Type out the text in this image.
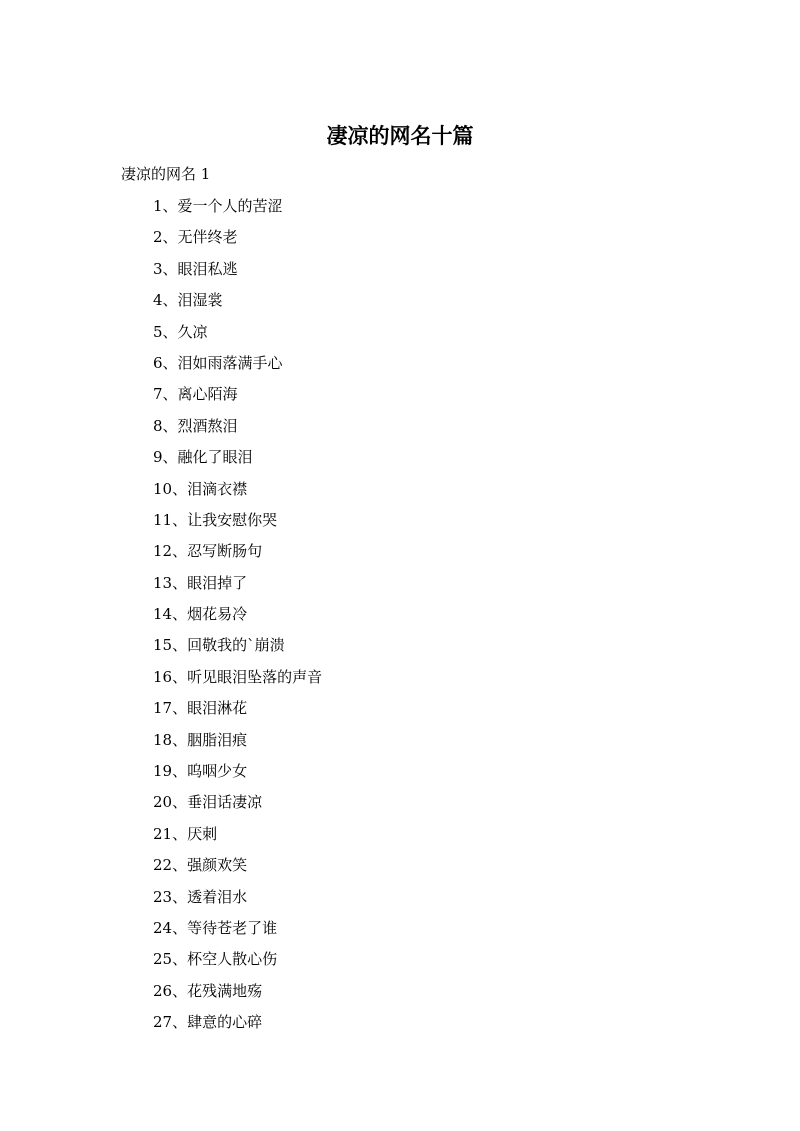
凄凉的网名十篇

凄凉的网名 1

1、爱一个人的苦涩
2、无伴终老
3、眼泪私逃
4、泪湿裳
5、久凉
6、泪如雨落满手心
7、离心陌海
8、烈酒熬泪
9、融化了眼泪
10、泪滴衣襟
11、让我安慰你哭
12、忍写断肠句
13、眼泪掉了
14、烟花易冷
15、回敬我的`崩溃
16、听见眼泪坠落的声音
17、眼泪淋花
18、胭脂泪痕
19、呜咽少女
20、垂泪话凄凉
21、厌刺
22、强颜欢笑
23、透着泪水
24、等待苍老了谁
25、杯空人散心伤
26、花残满地殇
27、肆意的心碎
